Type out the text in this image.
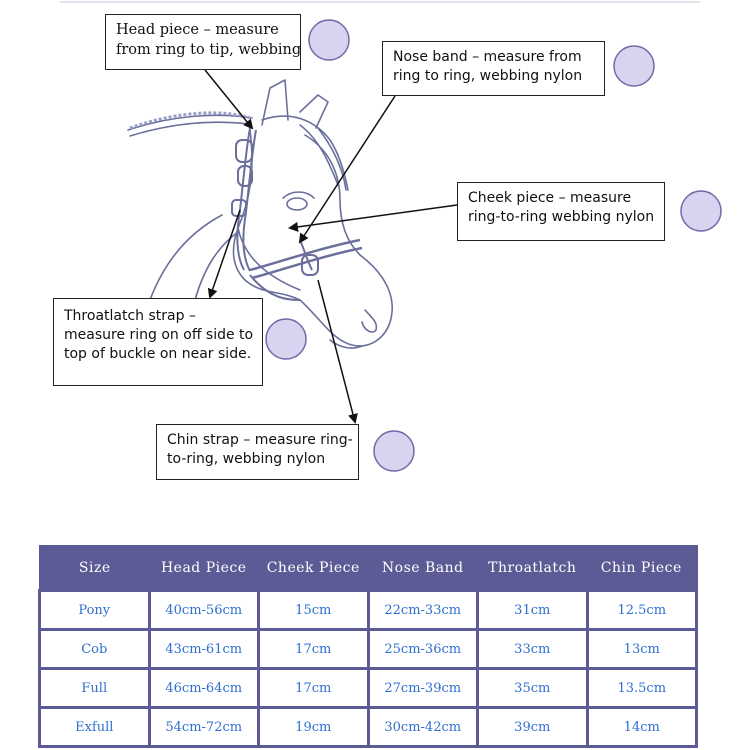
Head piece – measure
from ring to tip, webbing	Nose band – measure from
ring to ring, webbing nylon
Cheek piece – measure
ring-to-ring webbing nylon
Throatlatch strap –
measure ring on off side to
top of buckle on near side.
Chin strap – measure ring-
to-ring, webbing nylon
Size	Head Piece	Cheek Piece	Nose Band	Throatlatch	Chin Piece
Pony	40cm-56cm	15cm	22cm-33cm	31cm	12.5cm
Cob	43cm-61cm	17cm	25cm-36cm	33cm	13cm
Full	46cm-64cm	17cm	27cm-39cm	35cm	13.5cm
Exfull	54cm-72cm	19cm	30cm-42cm	39cm	14cm
